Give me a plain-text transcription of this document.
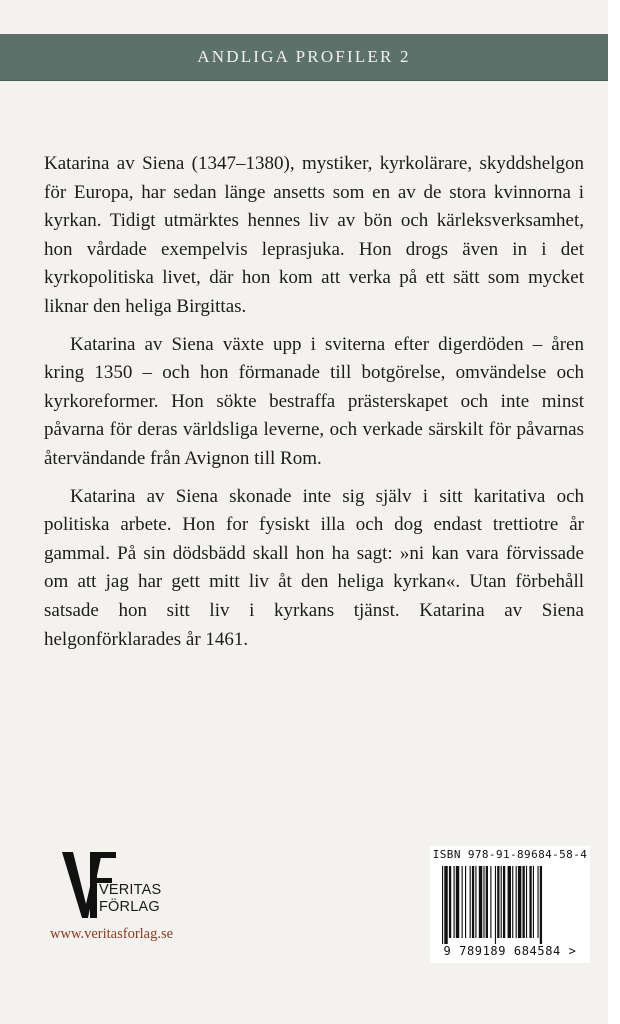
ANDLIGA PROFILER 2

Katarina av Siena (1347–1380), mystiker, kyrkolärare, skyddshelgon för Europa, har sedan länge ansetts som en av de stora kvinnorna i kyrkan. Tidigt utmärktes hennes liv av bön och kärleksverksamhet, hon vårdade exempelvis leprasjuka. Hon drogs även in i det kyrkopolitiska livet, där hon kom att verka på ett sätt som mycket liknar den heliga Birgittas.

Katarina av Siena växte upp i sviterna efter digerdöden – åren kring 1350 – och hon förmanade till botgörelse, omvändelse och kyrkoreformer. Hon sökte bestraffa prästerskapet och inte minst påvarna för deras världsliga leverne, och verkade särskilt för påvarnas återvändande från Avignon till Rom.

Katarina av Siena skonade inte sig själv i sitt karitativa och politiska arbete. Hon for fysiskt illa och dog endast trettiotre år gammal. På sin dödsbädd skall hon ha sagt: »ni kan vara förvissade om att jag har gett mitt liv åt den heliga kyrkan«. Utan förbehåll satsade hon sitt liv i kyrkans tjänst. Katarina av Siena helgonförklarades år 1461.

VERITAS
FÖRLAG
www.veritasforlag.se
ISBN 978-91-89684-58-4
9 789189 684584 >
